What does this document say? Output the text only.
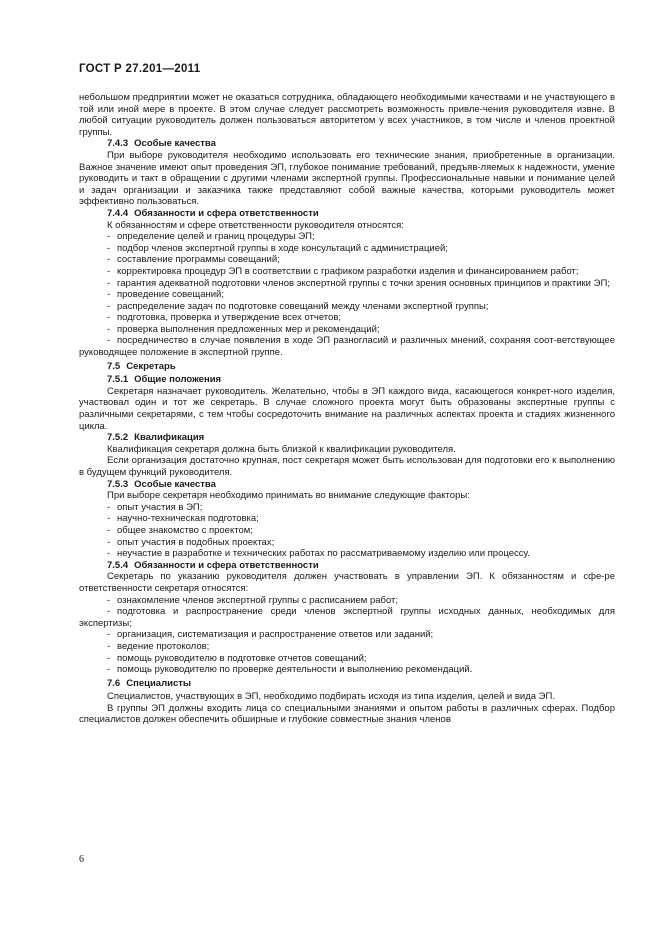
ГОСТ Р 27.201—2011

небольшом предприятии может не оказаться сотрудника, обладающего необходимыми качествами и не участвующего в той или иной мере в проекте. В этом случае следует рассмотреть возможность привле-чения руководителя извне. В любой ситуации руководитель должен пользоваться авторитетом у всех участников, в том числе и членов проектной группы.

7.4.3 Особые качества

При выборе руководителя необходимо использовать его технические знания, приобретенные в организации. Важное значение имеют опыт проведения ЭП, глубокое понимание требований, предъяв-ляемых к надежности, умение руководить и такт в обращении с другими членами экспертной группы. Профессиональные навыки и понимание целей и задач организации и заказчика также представляют собой важные качества, которыми руководитель может эффективно пользоваться.

7.4.4 Обязанности и сфера ответственности

К обязанностям и сфере ответственности руководителя относятся:

- определение целей и границ процедуры ЭП;

- подбор членов экспертной группы в ходе консультаций с администрацией;

- составление программы совещаний;

- корректировка процедур ЭП в соответствии с графиком разработки изделия и финансированием работ;

- гарантия адекватной подготовки членов экспертной группы с точки зрения основных принципов и практики ЭП;

- проведение совещаний;

- распределение задач по подготовке совещаний между членами экспертной группы;

- подготовка, проверка и утверждение всех отчетов;

- проверка выполнения предложенных мер и рекомендаций;

- посредничество в случае появления в ходе ЭП разногласий и различных мнений, сохраняя соот-ветствующее руководящее положение в экспертной группе.

7.5 Секретарь

7.5.1 Общие положения

Секретаря назначает руководитель. Желательно, чтобы в ЭП каждого вида, касающегося конкрет-ного изделия, участвовал один и тот же секретарь. В случае сложного проекта могут быть образованы экспертные группы с различными секретарями, с тем чтобы сосредоточить внимание на различных аспектах проекта и стадиях жизненного цикла.

7.5.2 Квалификация

Квалификация секретаря должна быть близкой к квалификации руководителя.

Если организация достаточно крупная, пост секретаря может быть использован для подготовки его к выполнению в будущем функций руководителя.

7.5.3 Особые качества

При выборе секретаря необходимо принимать во внимание следующие факторы:

- опыт участия в ЭП;

- научно-техническая подготовка;

- общее знакомство с проектом;

- опыт участия в подобных проектах;

- неучастие в разработке и технических работах по рассматриваемому изделию или процессу.

7.5.4 Обязанности и сфера ответственности

Секретарь по указанию руководителя должен участвовать в управлении ЭП. К обязанностям и сфе-ре ответственности секретаря относятся:

- ознакомление членов экспертной группы с расписанием работ;

- подготовка и распространение среди членов экспертной группы исходных данных, необходимых для экспертизы;

- организация, систематизация и распространение ответов или заданий;

- ведение протоколов;

- помощь руководителю в подготовке отчетов совещаний;

- помощь руководителю по проверке деятельности и выполнению рекомендаций.

7.6 Специалисты

Специалистов, участвующих в ЭП, необходимо подбирать исходя из типа изделия, целей и вида ЭП.

В группы ЭП должны входить лица со специальными знаниями и опытом работы в различных сферах. Подбор специалистов должен обеспечить обширные и глубокие совместные знания членов

6
